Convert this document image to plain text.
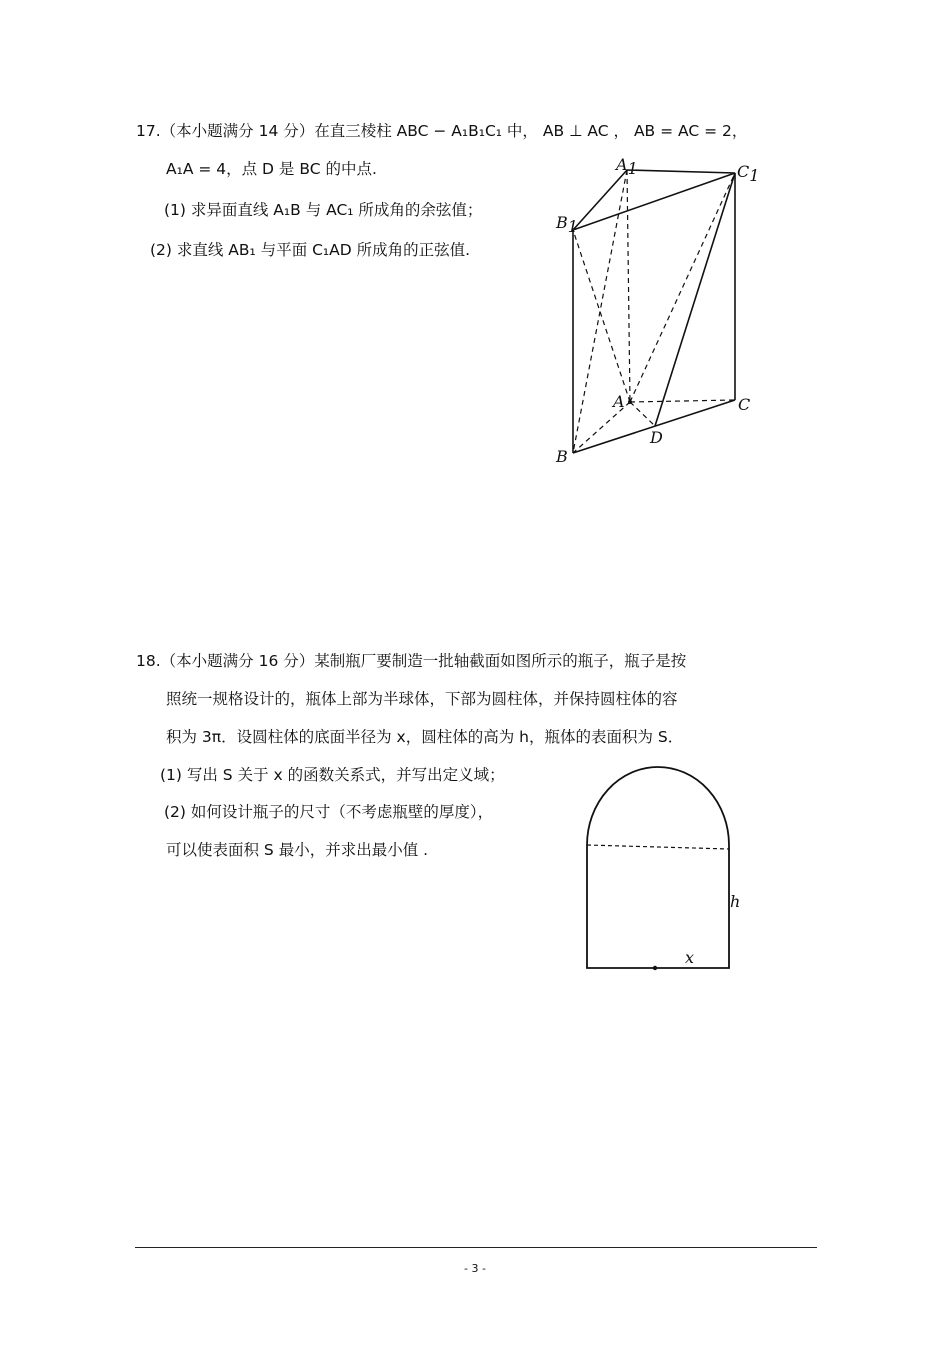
17.（本小题满分 14 分）在直三棱柱 ABC − A₁B₁C₁ 中， AB ⊥ AC ， AB = AC = 2，
A₁A = 4，点 D 是 BC 的中点.
(1) 求异面直线 A₁B 与 AC₁ 所成角的余弦值；
(2) 求直线 AB₁ 与平面 C₁AD 所成角的正弦值.
A1	C1
B1
A	C
B
D
18.（本小题满分 16 分）某制瓶厂要制造一批轴截面如图所示的瓶子，瓶子是按
照统一规格设计的，瓶体上部为半球体，下部为圆柱体，并保持圆柱体的容
积为 3π．设圆柱体的底面半径为 x，圆柱体的高为 h，瓶体的表面积为 S．
(1) 写出 S 关于 x 的函数关系式，并写出定义域；
(2) 如何设计瓶子的尺寸（不考虑瓶壁的厚度），
可以使表面积 S 最小，并求出最小值 .
h
x
- 3 -
